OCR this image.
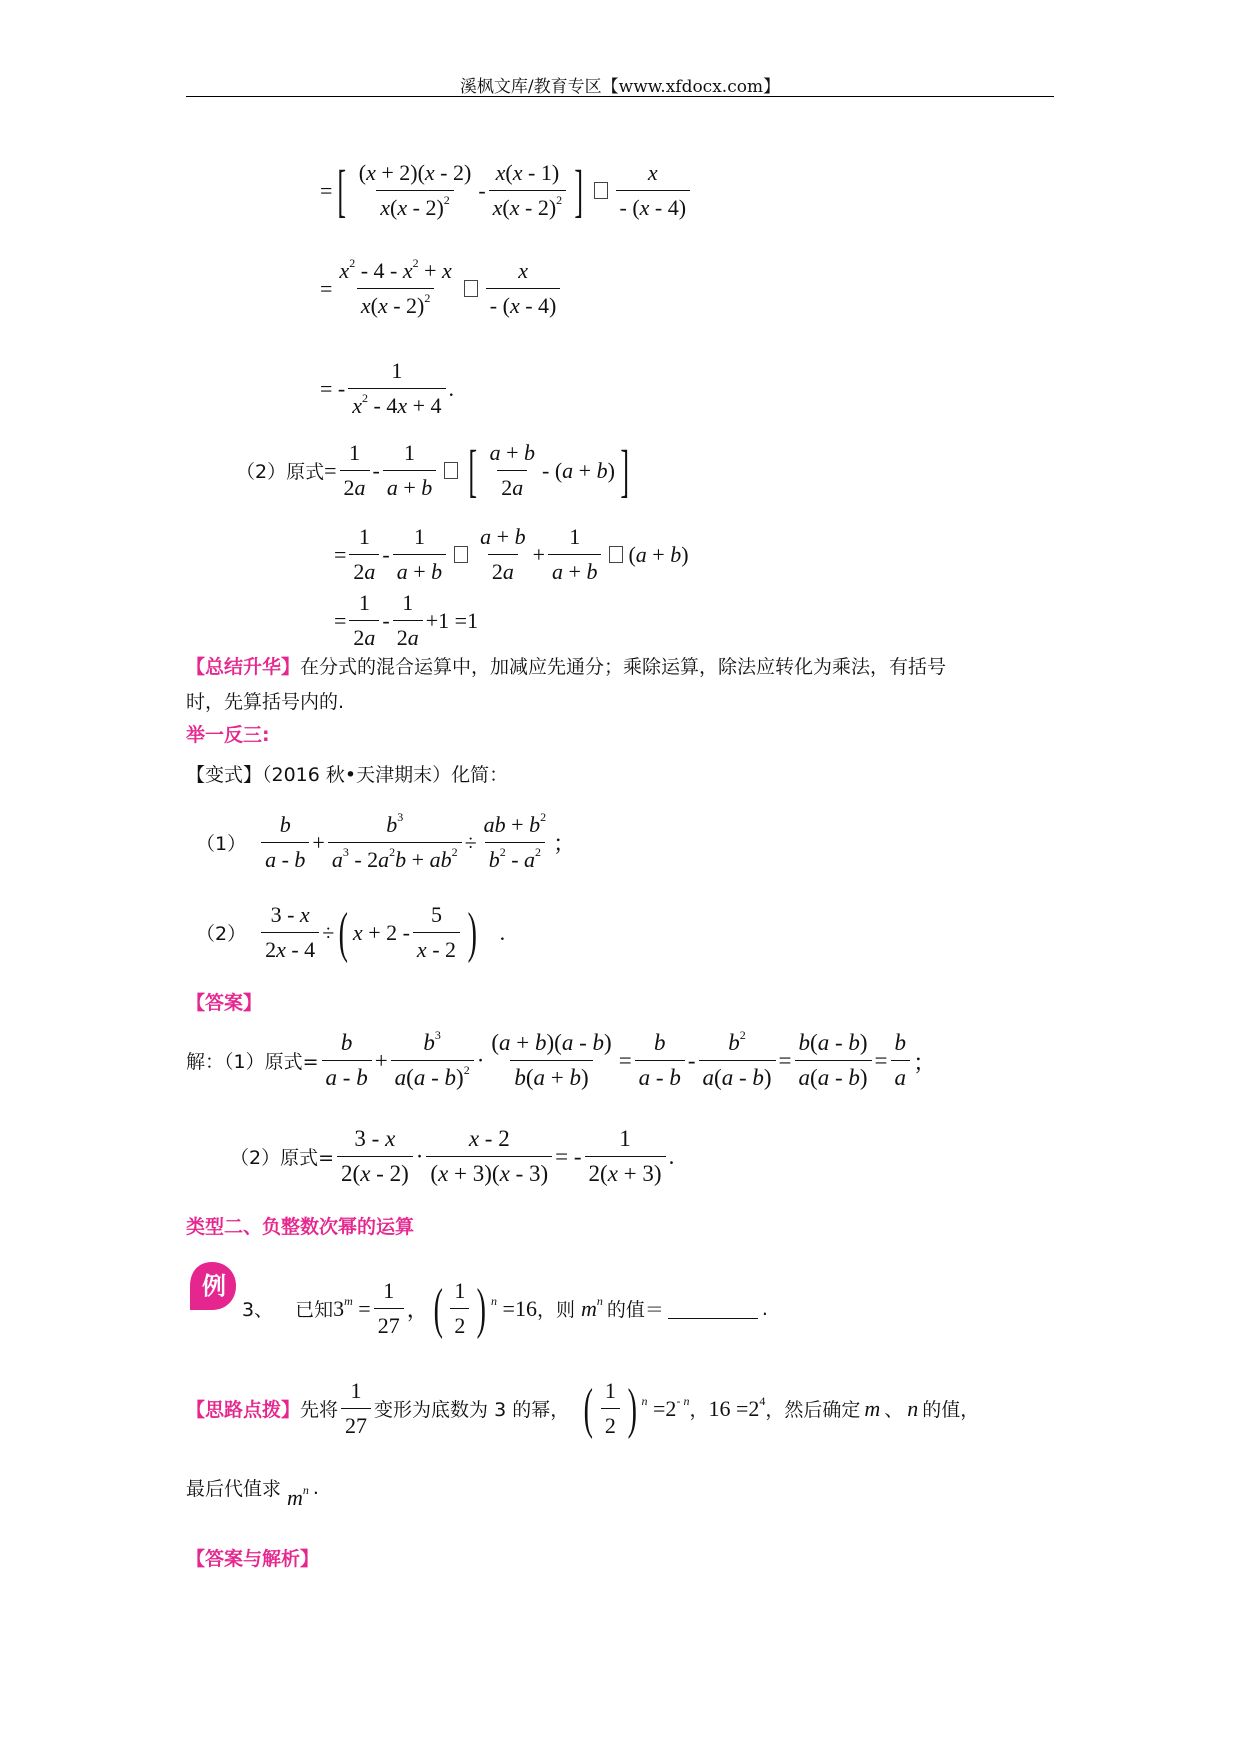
溪枫文库/教育专区【www.xfdocx.com】
= [ $\frac{(x + 2)(x - 2)}{x(x - 2)^2} - \frac{x(x - 1)}{x(x - 2)^2}$ ] $\frac{x}{- (x - 4)}$
= $\frac{x^2 - 4 - x^2 + x}{x(x - 2)^2} \frac{x}{- (x - 4)}$
= - $\frac{1}{x^2 - 4x + 4}$ .
（2）原式 = $\frac{1}{2a} - \frac{1}{a + b}$ [ $\frac{a + b}{2a} - (a + b)$ ]
= $\frac{1}{2a} - \frac{1}{a + b} \frac{a + b}{2a} + \frac{1}{a + b} (a + b)$
= $\frac{1}{2a} - \frac{1}{2a} +1 =1$
【总结升华】在分式的混合运算中，加减应先通分；乘除运算，除法应转化为乘法，有括号
时，先算括号内的.
举一反三:
【变式】（2016 秋•天津期末）化简：
$(1) \frac{b}{a - b} + \frac{b^3}{a^3 - 2a^2b + ab^2} \div \frac{ab + b^2}{b^2 - a^2}$ ；
$(2) \frac{3 - x}{2x - 4}$ ÷ ( $x + 2 - \frac{5}{x - 2}$ ) .
【答案】
解：（1）原式= $\frac{b}{a - b} + \frac{b^3}{a(a - b)^2} \cdot \frac{(a + b)(a - b)}{b(a + b)} = \frac{b}{a - b} - \frac{b^2}{a(a - b)} = \frac{b(a - b)}{a(a - b)} = \frac{b}{a}$ ；
（2）原式= $\frac{3 - x}{2(x - 2)} \cdot \frac{x - 2}{(x + 3)(x - 3)}$ = - $\frac{1}{2(x + 3)}$ .
类型二、负整数次幂的运算
例
3、 已知 $3^m = \frac{1}{27}$ ， ( $\frac{1}{2}$ ) $^n$ =16 ，则 $m^n$ 的值＝	.
【思路点拨】 先将 $\frac{1}{27}$ 变形为底数为 3 的幂， ( $\frac{1}{2}$ ) $^n =2^{- n}$ ， $16 =2^4$ ，然后确定 m 、 n 的值，
最后代值求 $m^n$ .
【答案与解析】
